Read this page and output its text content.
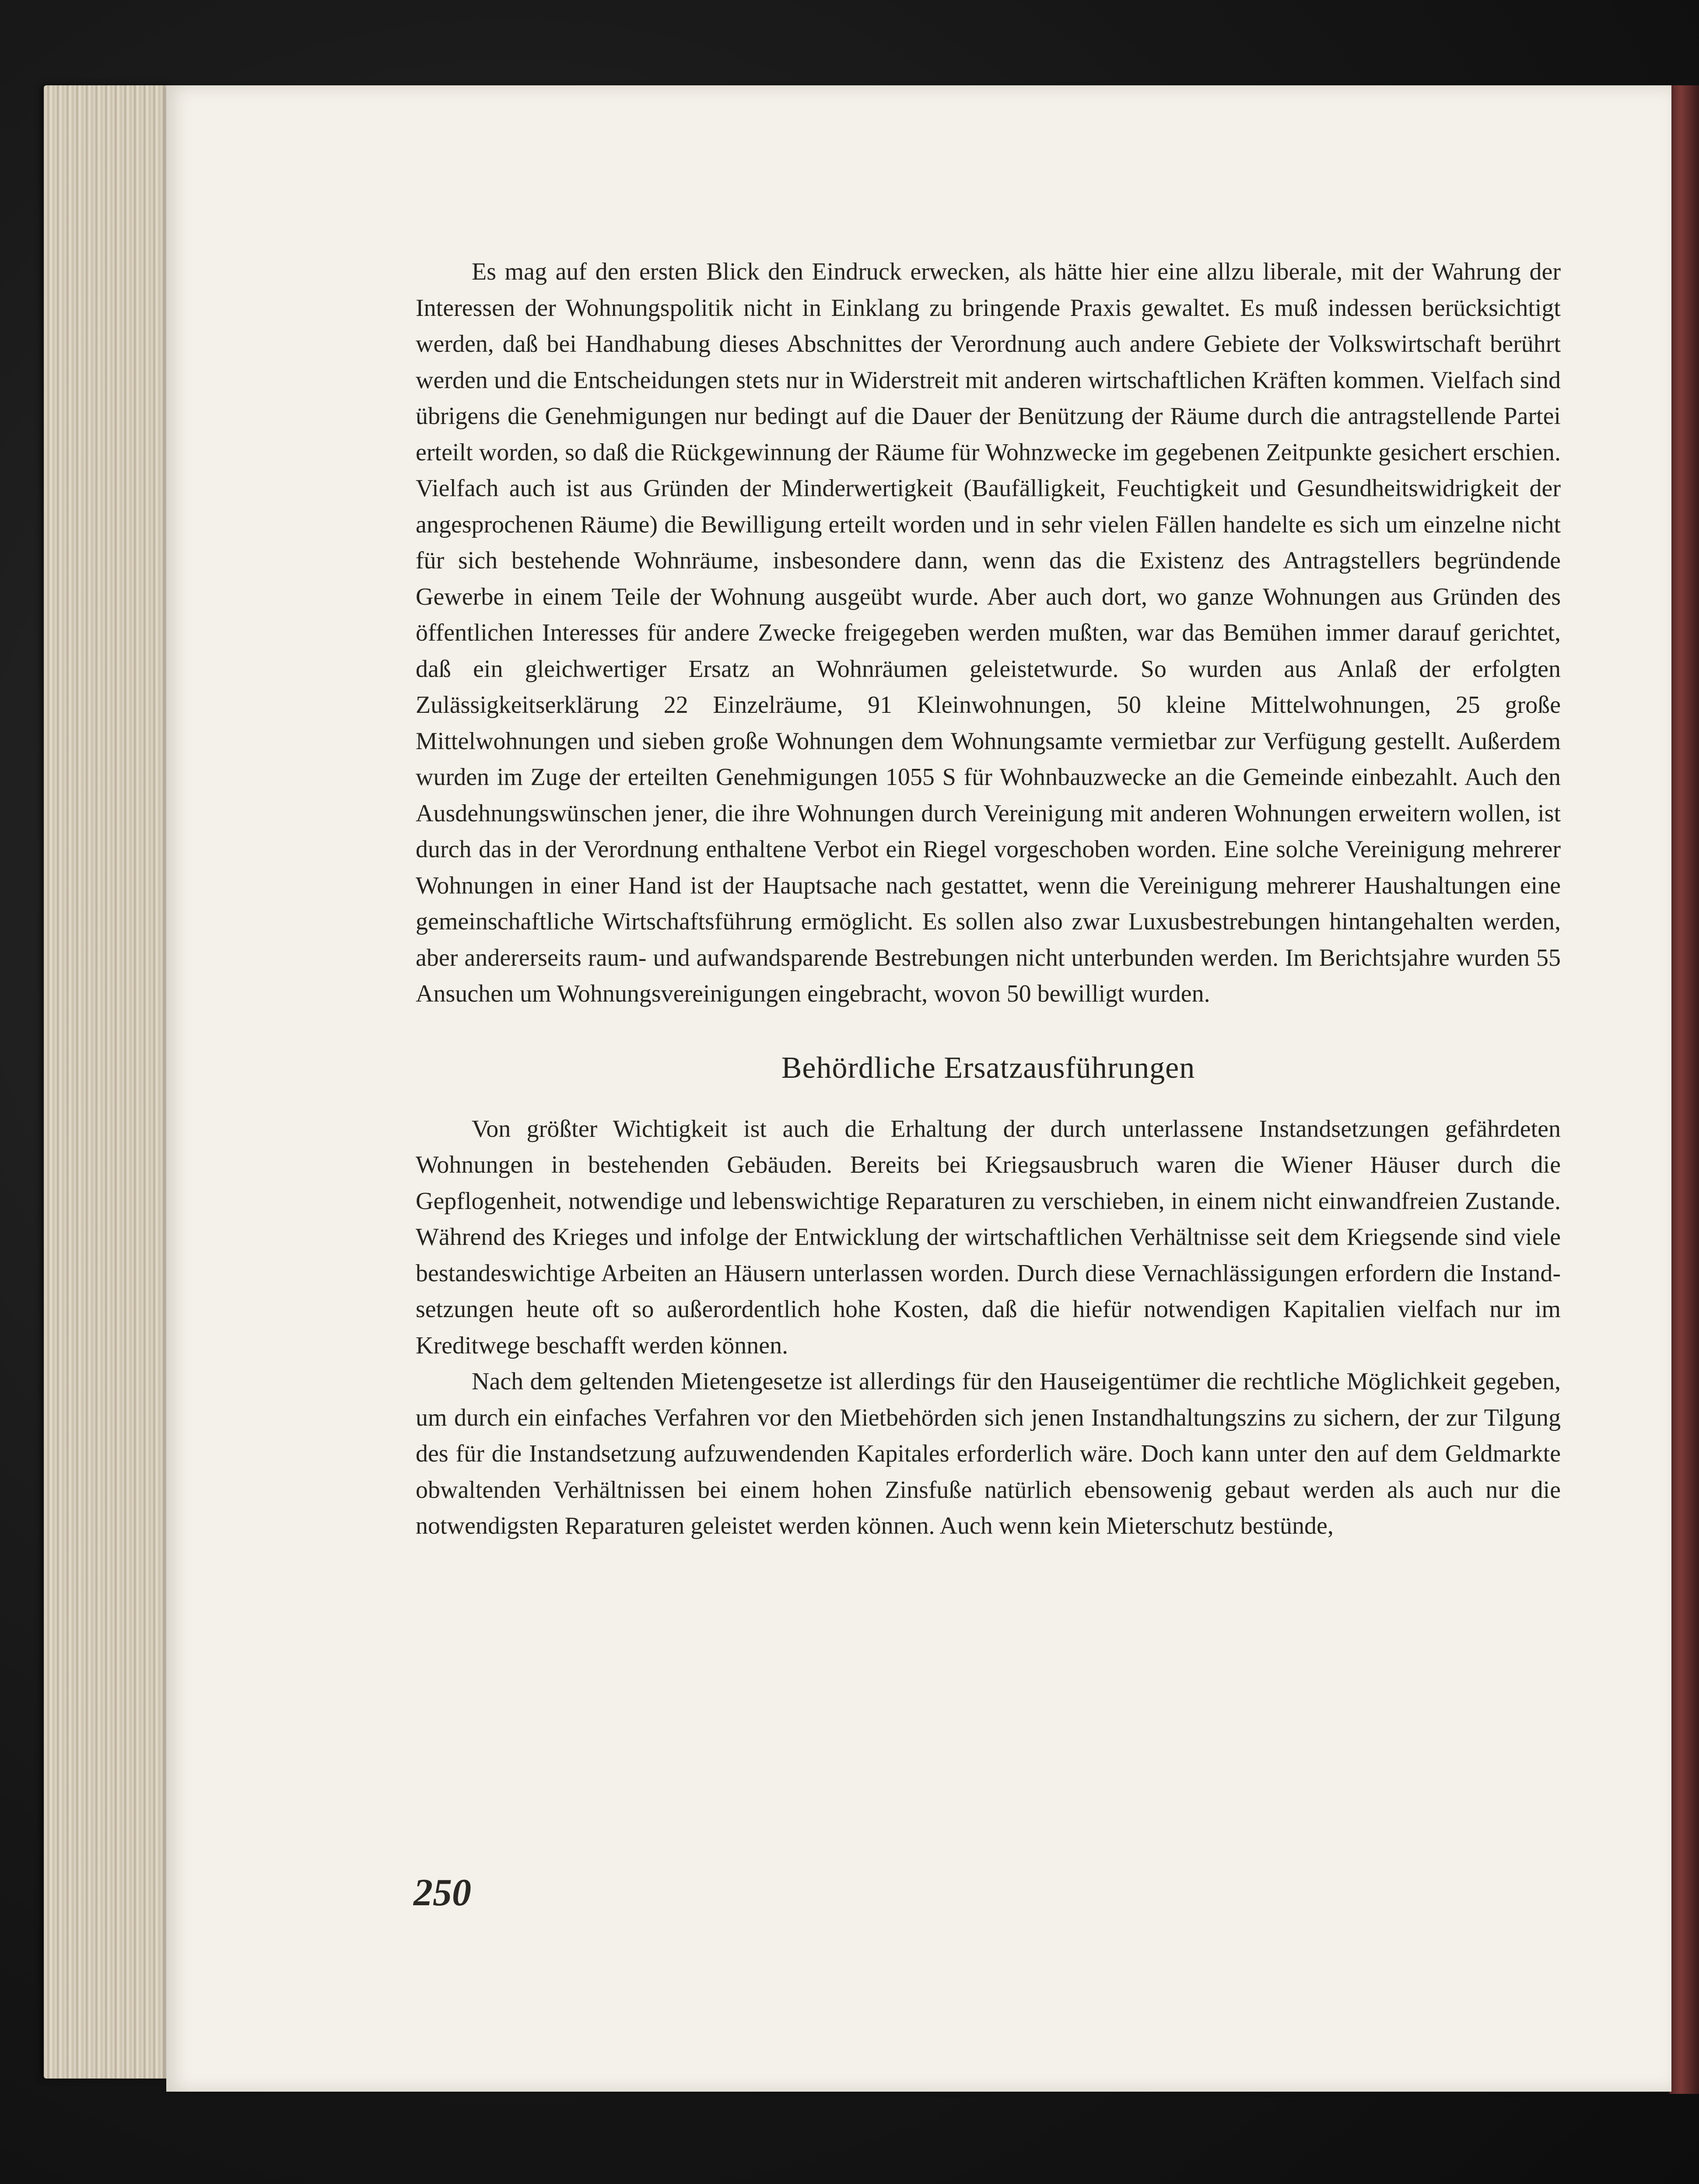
Es mag auf den ersten Blick den Eindruck erwecken, als hätte hier eine allzu liberale, mit der Wahrung der Interessen der Wohnungspolitik nicht in Einklang zu bringende Praxis gewaltet. Es muß indessen berücksichtigt werden, daß bei Handhabung dieses Abschnittes der Verordnung auch andere Gebiete der Volkswirtschaft berührt werden und die Entscheidungen stets nur in Widerstreit mit anderen wirtschaftlichen Kräften kommen. Vielfach sind übrigens die Genehmigungen nur bedingt auf die Dauer der Benützung der Räume durch die antragstellende Partei erteilt worden, so daß die Rückgewinnung der Räume für Wohnzwecke im gegebenen Zeitpunkte gesichert erschien. Vielfach auch ist aus Gründen der Minderwertigkeit (Baufälligkeit, Feuchtigkeit und Gesundheitswidrigkeit der angesprochenen Räume) die Bewilligung erteilt worden und in sehr vielen Fällen handelte es sich um einzelne nicht für sich bestehende Wohnräume, insbesondere dann, wenn das die Existenz des Antragstellers begründende Gewerbe in einem Teile der Wohnung ausgeübt wurde. Aber auch dort, wo ganze Wohnungen aus Gründen des öffentlichen Interesses für andere Zwecke freigegeben werden mußten, war das Bemühen immer darauf gerichtet, daß ein gleichwertiger Ersatz an Wohnräumen geleistetwurde. So wurden aus Anlaß der erfolgten Zulässigkeitserklärung 22 Einzelräume, 91 Kleinwohnungen, 50 kleine Mittelwohnungen, 25 große Mittelwohnungen und sieben große Wohnungen dem Wohnungsamte vermietbar zur Verfügung gestellt. Außerdem wurden im Zuge der erteilten Genehmigungen 1055 S für Wohnbauzwecke an die Gemeinde einbezahlt. Auch den Ausdehnungswünschen jener, die ihre Wohnungen durch Vereinigung mit anderen Wohnungen erweitern wollen, ist durch das in der Verordnung enthaltene Verbot ein Riegel vorgeschoben worden. Eine solche Vereinigung mehrerer Wohnungen in einer Hand ist der Hauptsache nach gestattet, wenn die Vereinigung mehrerer Haushaltungen eine gemeinschaftliche Wirtschaftsführung ermöglicht. Es sollen also zwar Luxusbestrebungen hintangehalten werden, aber andererseits raum- und aufwandsparende Bestrebungen nicht unterbunden werden. Im Berichtsjahre wurden 55 Ansuchen um Wohnungsvereinigungen eingebracht, wovon 50 bewilligt wurden.

Behördliche Ersatzausführungen

Von größter Wichtigkeit ist auch die Erhaltung der durch unterlassene Instandsetzungen gefährdeten Wohnungen in bestehenden Gebäuden. Bereits bei Kriegsausbruch waren die Wiener Häuser durch die Gepflogenheit, notwendige und lebenswichtige Reparaturen zu verschieben, in einem nicht einwandfreien Zustande. Während des Krieges und infolge der Entwicklung der wirtschaftlichen Verhältnisse seit dem Kriegsende sind viele bestandeswichtige Arbeiten an Häusern unterlassen worden. Durch diese Vernachlässigungen erfordern die Instandsetzungen heute oft so außerordentlich hohe Kosten, daß die hiefür notwendigen Kapitalien vielfach nur im Kreditwege beschafft werden können.

Nach dem geltenden Mietengesetze ist allerdings für den Hauseigentümer die rechtliche Möglichkeit gegeben, um durch ein einfaches Verfahren vor den Mietbehörden sich jenen Instandhaltungszins zu sichern, der zur Tilgung des für die Instandsetzung aufzuwendenden Kapitales erforderlich wäre. Doch kann unter den auf dem Geldmarkte obwaltenden Verhältnissen bei einem hohen Zinsfuße natürlich ebensowenig gebaut werden als auch nur die notwendigsten Reparaturen geleistet werden können. Auch wenn kein Mieterschutz bestünde,

250
